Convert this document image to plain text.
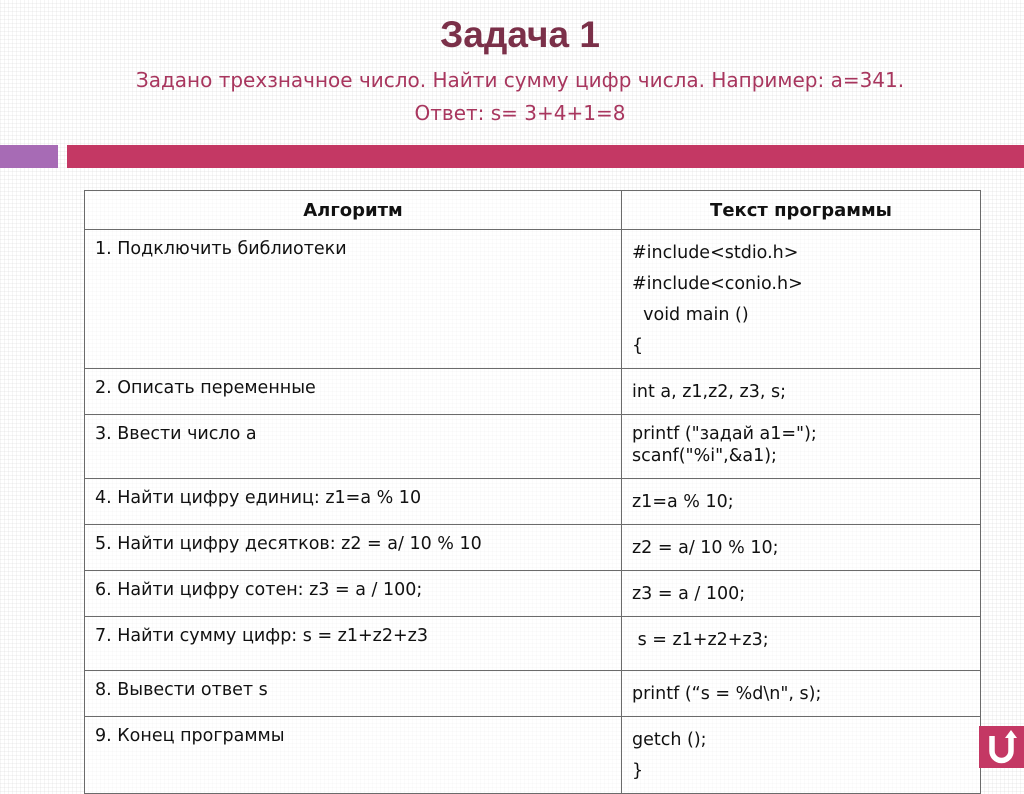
Задача 1
Задано трехзначное число. Найти сумму цифр числа. Например: a=341.
Ответ: s= 3+4+1=8
Алгоритм	Текст программы
1. Подключить библиотеки	#include<stdio.h>
#include<conio.h>
void main ()
{

2. Описать переменные	int a, z1,z2, z3, s;

3. Ввести число a	printf ("задай а1=");
scanf("%i",&a1);

4. Найти цифру единиц: z1=a % 10	z1=a % 10;

5. Найти цифру десятков: z2 = a/ 10 % 10	z2 = a/ 10 % 10;

6. Найти цифру сотен: z3 = a / 100;	z3 = a / 100;

7. Найти сумму цифр: s = z1+z2+z3	s = z1+z2+z3;

8. Вывести ответ s	printf (“s = %d\n", s);

9. Конец программы	getch ();
}
